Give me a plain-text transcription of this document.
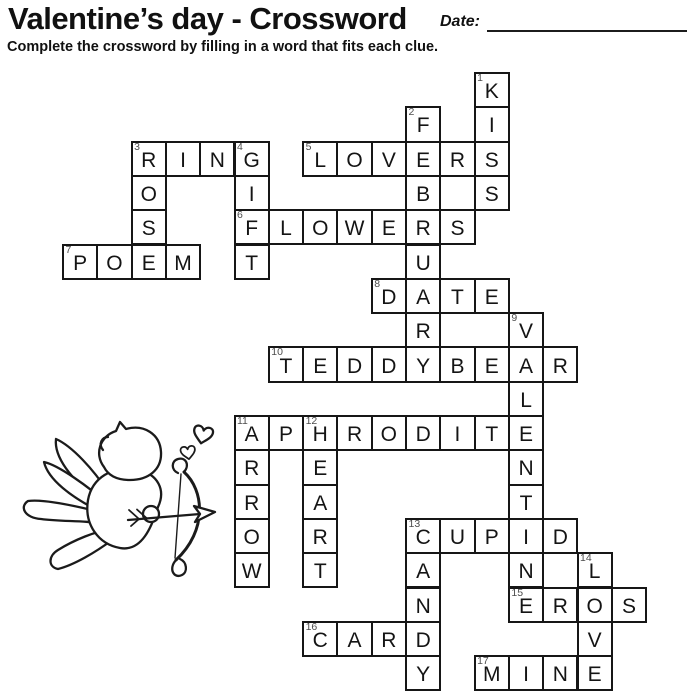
Valentine’s day - Crossword Date:
Complete the crossword by filling in a word that fits each clue.
K
1
I
F
2
R
3
I N G
4
L
5
O V E R S
O	I	B	S
S	F
6
L O W E R S
P
7
O E M	T	U
D
8
A T E
R	V
9
T
10
E D D Y B E A R
L
A
11
P H
12
R O D I T E
R	E	N
R	A	T
O	R	C
13
U P I D
W T	A	N	L
14
N	E
15
R O S
C
16
A R D	V
Y	M
17
I N E
